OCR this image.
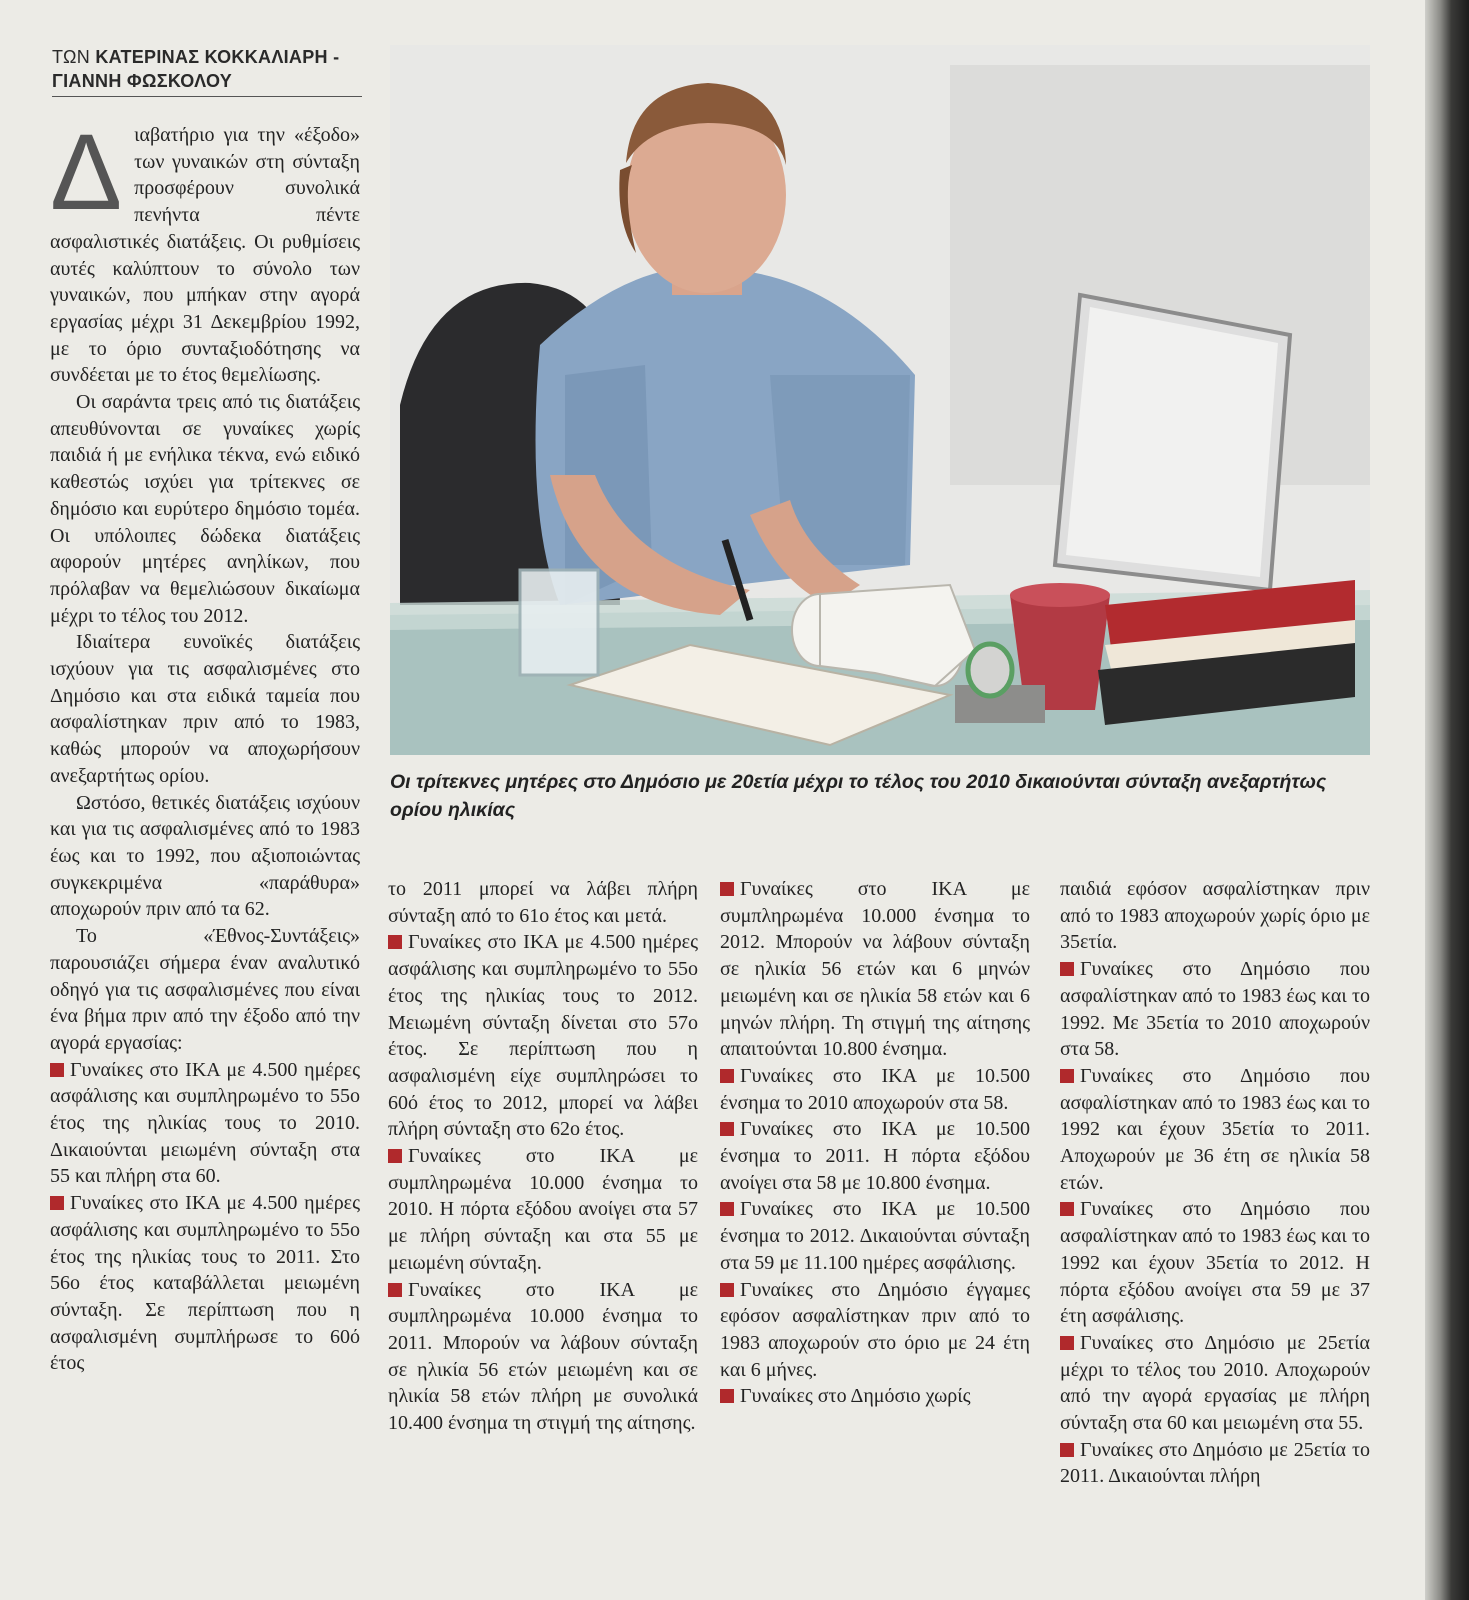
ΤΩΝ ΚΑΤΕΡΙΝΑΣ ΚΟΚΚΑΛΙΑΡΗ -
ΓΙΑΝΝΗ ΦΩΣΚΟΛΟΥ

Διαβατήριο για την «έξοδο» των γυναικών στη σύνταξη προσφέρουν συνολικά πενήντα πέντε ασφαλιστικές διατάξεις. Οι ρυθμίσεις αυτές καλύπτουν το σύνολο των γυναικών, που μπήκαν στην αγορά εργασίας μέχρι 31 Δεκεμβρίου 1992, με το όριο συνταξιοδότησης να συνδέεται με το έτος θεμελίωσης.

Οι σαράντα τρεις από τις διατάξεις απευθύνονται σε γυναίκες χωρίς παιδιά ή με ενήλικα τέκνα, ενώ ειδικό καθεστώς ισχύει για τρίτεκνες σε δημόσιο και ευρύτερο δημόσιο τομέα. Οι υπόλοιπες δώδεκα διατάξεις αφορούν μητέρες ανηλίκων, που πρόλαβαν να θεμελιώσουν δικαίωμα μέχρι το τέλος του 2012.

Ιδιαίτερα ευνοϊκές διατάξεις ισχύουν για τις ασφαλισμένες στο Δημόσιο και στα ειδικά ταμεία που ασφαλίστηκαν πριν από το 1983, καθώς μπορούν να αποχωρήσουν ανεξαρτήτως ορίου.

Ωστόσο, θετικές διατάξεις ισχύουν και για τις ασφαλισμένες από το 1983 έως και το 1992, που αξιοποιώντας συγκεκριμένα «παράθυρα» αποχωρούν πριν από τα 62.

Το «Έθνος-Συντάξεις» παρουσιάζει σήμερα έναν αναλυτικό οδηγό για τις ασφαλισμένες που είναι ένα βήμα πριν από την έξοδο από την αγορά εργασίας:

Γυναίκες στο ΙΚΑ με 4.500 ημέρες ασφάλισης και συμπληρωμένο το 55ο έτος της ηλικίας τους το 2010. Δικαιούνται μειωμένη σύνταξη στα 55 και πλήρη στα 60.

Γυναίκες στο ΙΚΑ με 4.500 ημέρες ασφάλισης και συμπληρωμένο το 55ο έτος της ηλικίας τους το 2011. Στο 56ο έτος καταβάλλεται μειωμένη σύνταξη. Σε περίπτωση που η ασφαλισμένη συμπλήρωσε το 60ό έτος

Οι τρίτεκνες μητέρες στο Δημόσιο με 20ετία μέχρι το τέλος του 2010 δικαιούνται σύνταξη ανεξαρτήτως ορίου ηλικίας

το 2011 μπορεί να λάβει πλήρη σύνταξη από το 61ο έτος και μετά.

Γυναίκες στο ΙΚΑ με 4.500 ημέρες ασφάλισης και συμπληρωμένο το 55ο έτος της ηλικίας τους το 2012. Μειωμένη σύνταξη δίνεται στο 57ο έτος. Σε περίπτωση που η ασφαλισμένη είχε συμπληρώσει το 60ό έτος το 2012, μπορεί να λάβει πλήρη σύνταξη στο 62ο έτος.

Γυναίκες στο ΙΚΑ με συμπληρωμένα 10.000 ένσημα το 2010. Η πόρτα εξόδου ανοίγει στα 57 με πλήρη σύνταξη και στα 55 με μειωμένη σύνταξη.

Γυναίκες στο ΙΚΑ με συμπληρωμένα 10.000 ένσημα το 2011. Μπορούν να λάβουν σύνταξη σε ηλικία 56 ετών μειωμένη και σε ηλικία 58 ετών πλήρη με συνολικά 10.400 ένσημα τη στιγμή της αίτησης.

Γυναίκες στο ΙΚΑ με συμπληρωμένα 10.000 ένσημα το 2012. Μπορούν να λάβουν σύνταξη σε ηλικία 56 ετών και 6 μηνών μειωμένη και σε ηλικία 58 ετών και 6 μηνών πλήρη. Τη στιγμή της αίτησης απαιτούνται 10.800 ένσημα.

Γυναίκες στο ΙΚΑ με 10.500 ένσημα το 2010 αποχωρούν στα 58.

Γυναίκες στο ΙΚΑ με 10.500 ένσημα το 2011. Η πόρτα εξόδου ανοίγει στα 58 με 10.800 ένσημα.

Γυναίκες στο ΙΚΑ με 10.500 ένσημα το 2012. Δικαιούνται σύνταξη στα 59 με 11.100 ημέρες ασφάλισης.

Γυναίκες στο Δημόσιο έγγαμες εφόσον ασφαλίστηκαν πριν από το 1983 αποχωρούν στο όριο με 24 έτη και 6 μήνες.

Γυναίκες στο Δημόσιο χωρίς

παιδιά εφόσον ασφαλίστηκαν πριν από το 1983 αποχωρούν χωρίς όριο με 35ετία.

Γυναίκες στο Δημόσιο που ασφαλίστηκαν από το 1983 έως και το 1992. Με 35ετία το 2010 αποχωρούν στα 58.

Γυναίκες στο Δημόσιο που ασφαλίστηκαν από το 1983 έως και το 1992 και έχουν 35ετία το 2011. Αποχωρούν με 36 έτη σε ηλικία 58 ετών.

Γυναίκες στο Δημόσιο που ασφαλίστηκαν από το 1983 έως και το 1992 και έχουν 35ετία το 2012. Η πόρτα εξόδου ανοίγει στα 59 με 37 έτη ασφάλισης.

Γυναίκες στο Δημόσιο με 25ετία μέχρι το τέλος του 2010. Αποχωρούν από την αγορά εργασίας με πλήρη σύνταξη στα 60 και μειωμένη στα 55.

Γυναίκες στο Δημόσιο με 25ετία το 2011. Δικαιούνται πλήρη
